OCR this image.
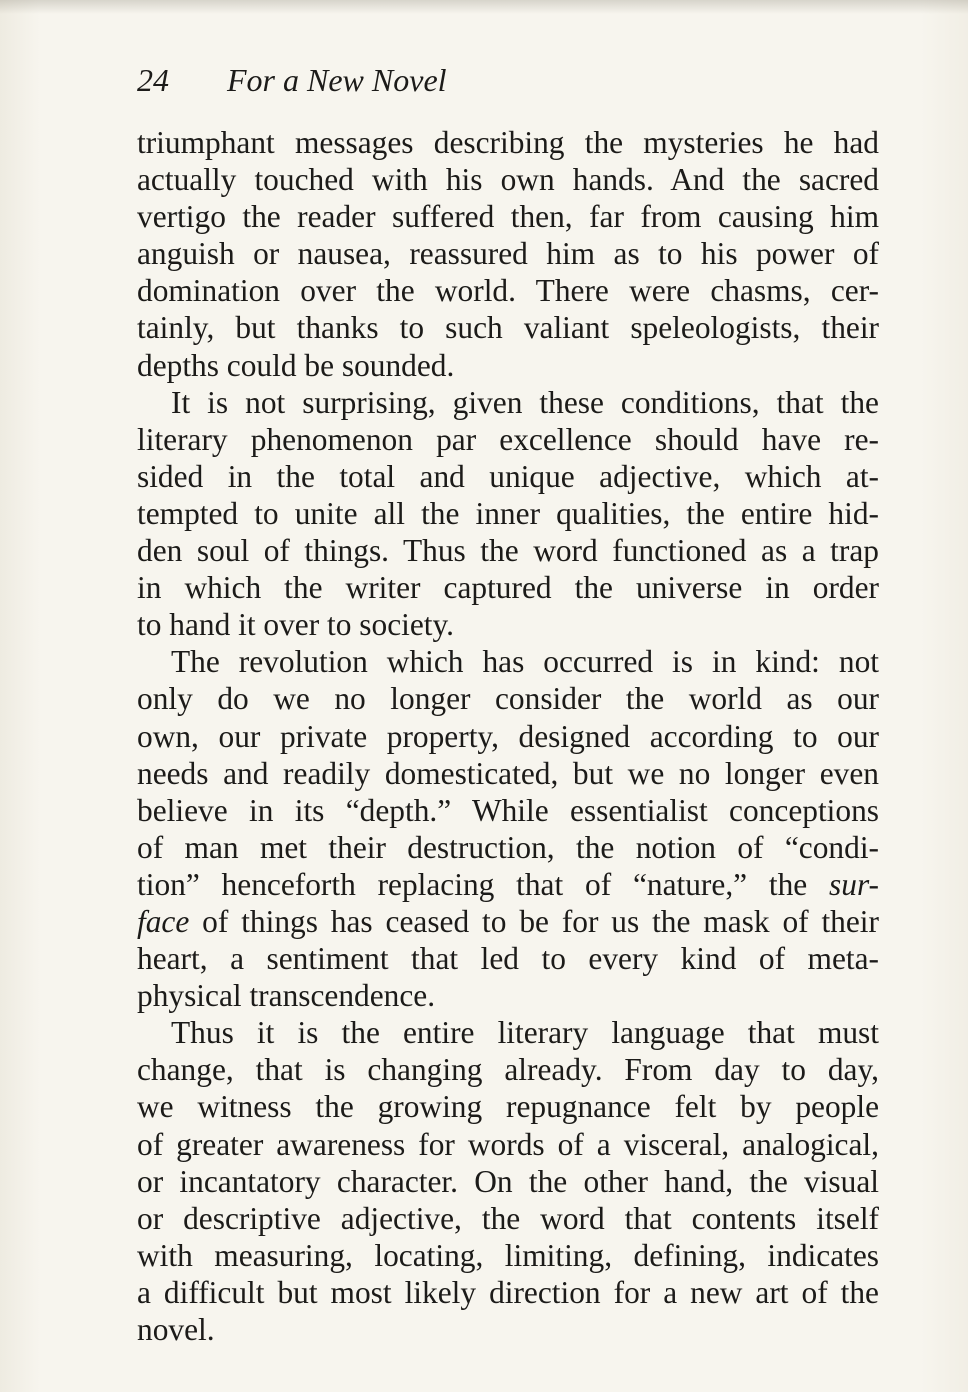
24 For a New Novel
triumphant messages describing the mysteries he had
actually touched with his own hands. And the sacred
vertigo the reader suffered then, far from causing him
anguish or nausea, reassured him as to his power of
domination over the world. There were chasms, cer-
tainly, but thanks to such valiant speleologists, their
depths could be sounded.
It is not surprising, given these conditions, that the
literary phenomenon par excellence should have re-
sided in the total and unique adjective, which at-
tempted to unite all the inner qualities, the entire hid-
den soul of things. Thus the word functioned as a trap
in which the writer captured the universe in order
to hand it over to society.
The revolution which has occurred is in kind: not
only do we no longer consider the world as our
own, our private property, designed according to our
needs and readily domesticated, but we no longer even
believe in its “depth.” While essentialist conceptions
of man met their destruction, the notion of “condi-
tion” henceforth replacing that of “nature,” the sur-
face of things has ceased to be for us the mask of their
heart, a sentiment that led to every kind of meta-
physical transcendence.
Thus it is the entire literary language that must
change, that is changing already. From day to day,
we witness the growing repugnance felt by people
of greater awareness for words of a visceral, analogical,
or incantatory character. On the other hand, the visual
or descriptive adjective, the word that contents itself
with measuring, locating, limiting, defining, indicates
a difficult but most likely direction for a new art of the
novel.
